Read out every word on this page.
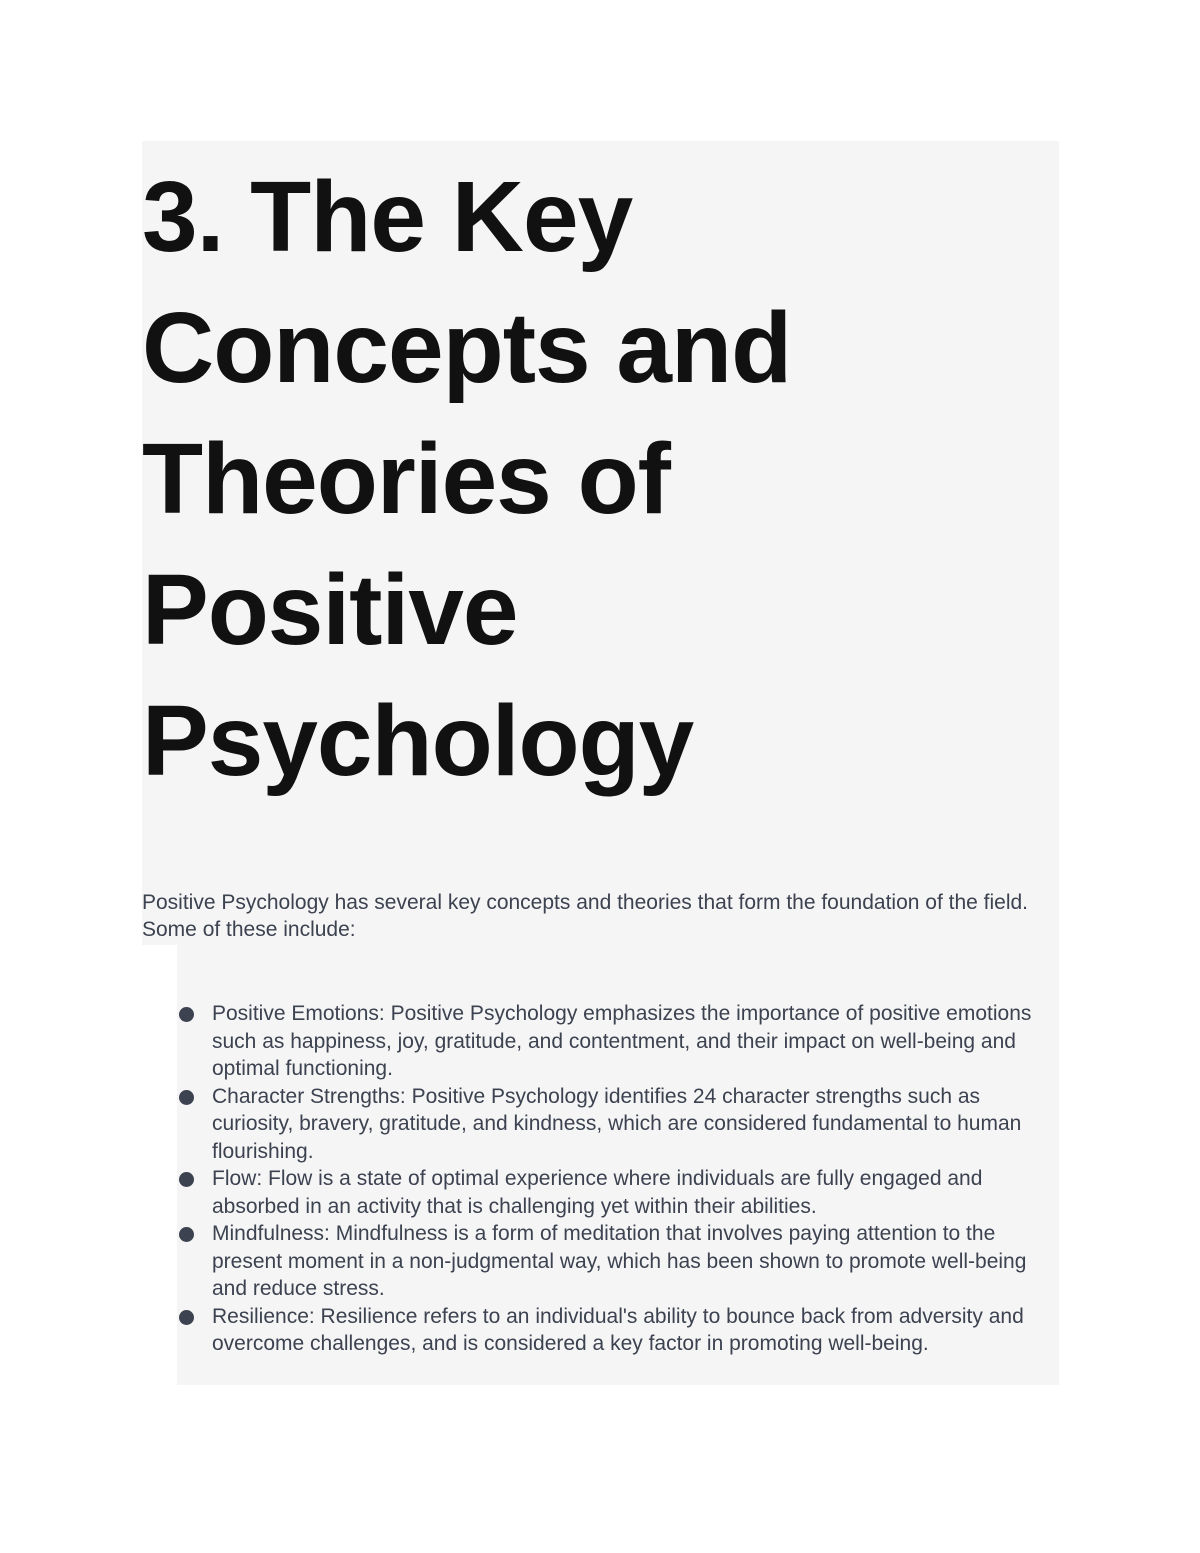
3. The Key Concepts and Theories of Positive Psychology

Positive Psychology has several key concepts and theories that form the foundation of the field. Some of these include:

Positive Emotions: Positive Psychology emphasizes the importance of positive emotions such as happiness, joy, gratitude, and contentment, and their impact on well-being and optimal functioning.
Character Strengths: Positive Psychology identifies 24 character strengths such as curiosity, bravery, gratitude, and kindness, which are considered fundamental to human flourishing.
Flow: Flow is a state of optimal experience where individuals are fully engaged and absorbed in an activity that is challenging yet within their abilities.
Mindfulness: Mindfulness is a form of meditation that involves paying attention to the present moment in a non-judgmental way, which has been shown to promote well-being and reduce stress.
Resilience: Resilience refers to an individual's ability to bounce back from adversity and overcome challenges, and is considered a key factor in promoting well-being.
